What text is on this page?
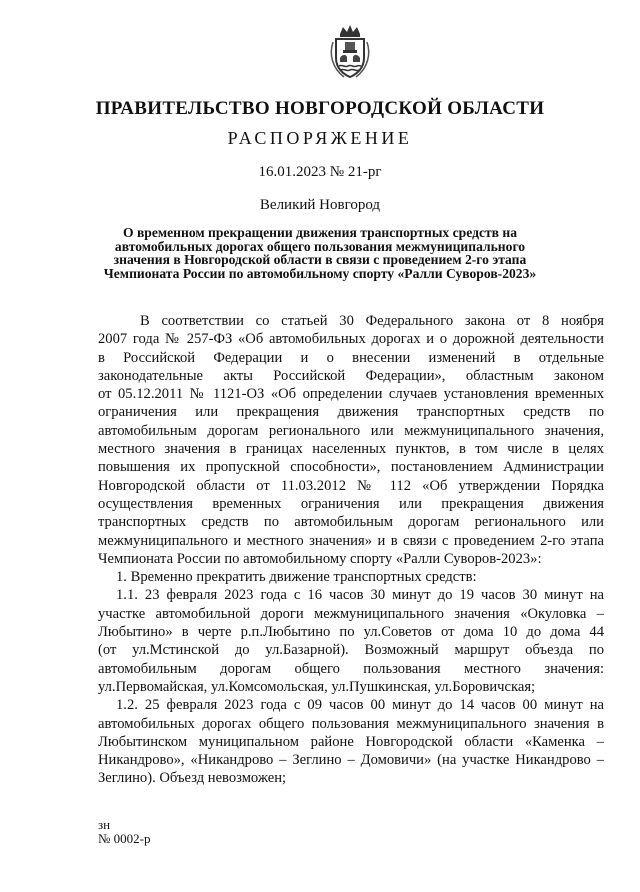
ПРАВИТЕЛЬСТВО НОВГОРОДСКОЙ ОБЛАСТИ
РАСПОРЯЖЕНИЕ
16.01.2023 № 21-рг
Великий Новгород
О временном прекращении движения транспортных средств на
автомобильных дорогах общего пользования межмуниципального
значения в Новгородской области в связи с проведением 2-го этапа
Чемпионата России по автомобильному спорту «Ралли Суворов-2023»
В соответствии со статьей 30 Федерального закона от 8 ноября
2007 года № 257-ФЗ «Об автомобильных дорогах и о дорожной деятельности
в Российской Федерации и о внесении изменений в отдельные
законодательные акты Российской Федерации», областным законом
от 05.12.2011 № 1121-ОЗ «Об определении случаев установления временных
ограничения или прекращения движения транспортных средств по
автомобильным дорогам регионального или межмуниципального значения,
местного значения в границах населенных пунктов, в том числе в целях
повышения их пропускной способности», постановлением Администрации
Новгородской области от 11.03.2012 № 112 «Об утверждении Порядка
осуществления временных ограничения или прекращения движения
транспортных средств по автомобильным дорогам регионального или
межмуниципального и местного значения» и в связи с проведением 2-го этапа
Чемпионата России по автомобильному спорту «Ралли Суворов-2023»:
1. Временно прекратить движение транспортных средств:
1.1. 23 февраля 2023 года с 16 часов 30 минут до 19 часов 30 минут на
участке автомобильной дороги межмуниципального значения «Окуловка –
Любытино» в черте р.п.Любытино по ул.Советов от дома 10 до дома 44
(от ул.Мстинской до ул.Базарной). Возможный маршрут объезда по
автомобильным дорогам общего пользования местного значения:
ул.Первомайская, ул.Комсомольская, ул.Пушкинская, ул.Боровичская;
1.2. 25 февраля 2023 года с 09 часов 00 минут до 14 часов 00 минут на
автомобильных дорогах общего пользования межмуниципального значения в
Любытинском муниципальном районе Новгородской области «Каменка –
Никандрово», «Никандрово – Зеглино – Домовичи» (на участке Никандрово –
Зеглино). Объезд невозможен;
зн
№ 0002-р
